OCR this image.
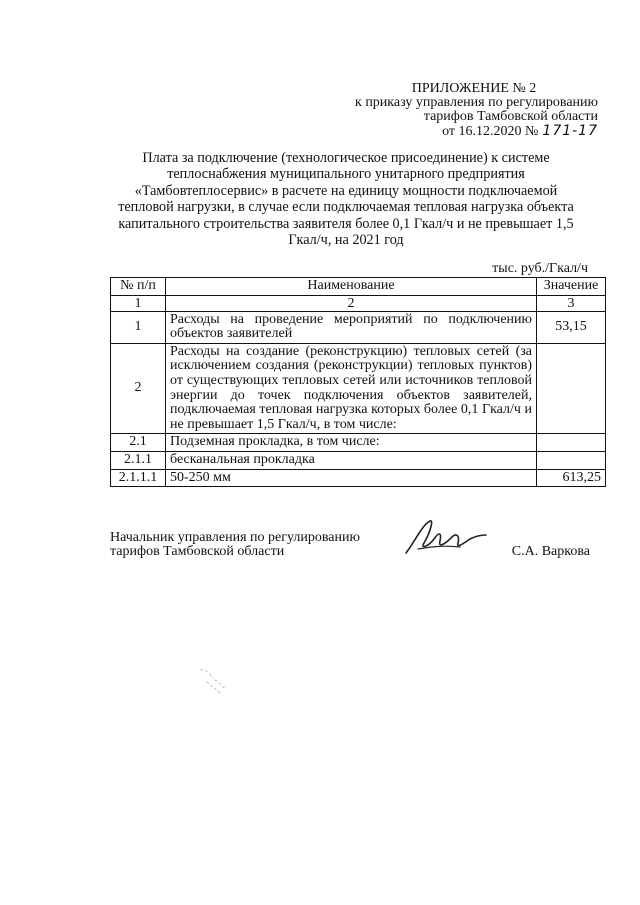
ПРИЛОЖЕНИЕ № 2
к приказу управления по регулированию
тарифов Тамбовской области
от 16.12.2020 № 171-17
Плата за подключение (технологическое присоединение) к системе теплоснабжения муниципального унитарного предприятия «Тамбовтеплосервис» в расчете на единицу мощности подключаемой тепловой нагрузки, в случае если подключаемая тепловая нагрузка объекта капитального строительства заявителя более 0,1 Гкал/ч и не превышает 1,5 Гкал/ч, на 2021 год
тыс. руб./Гкал/ч
№ п/п	Наименование	Значение
1	2	3
1	Расходы на проведение мероприятий по подключению объектов заявителей	53,15
2	Расходы на создание (реконструкцию) тепловых сетей (за исключением создания (реконструкции) тепловых пунктов) от существующих тепловых сетей или источников тепловой энергии до точек подключения объектов заявителей, подключаемая тепловая нагрузка которых более 0,1 Гкал/ч и не превышает 1,5 Гкал/ч, в том числе:	
2.1	Подземная прокладка, в том числе:	
2.1.1	бесканальная прокладка	
2.1.1.1	50-250 мм	613,25
Начальник управления по регулированию
тарифов Тамбовской области	С.А. Варкова
